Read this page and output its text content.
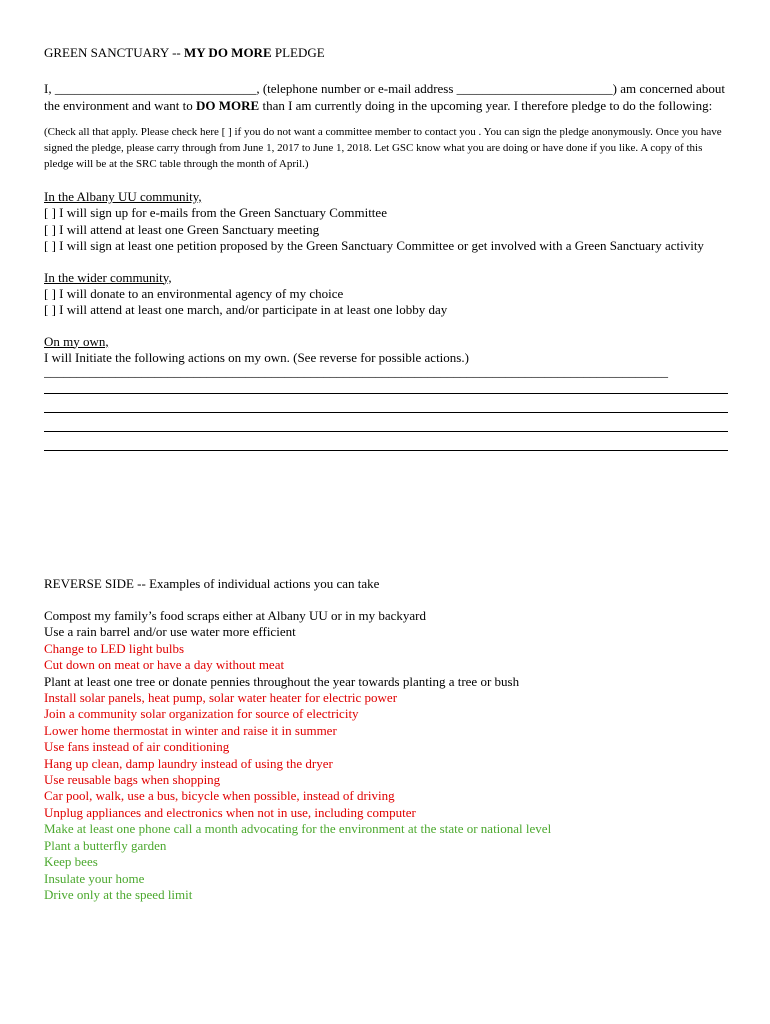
GREEN SANCTUARY -- MY DO MORE PLEDGE

I, _______________________________, (telephone number or e-mail address ________________________) am concerned about the environment and want to DO MORE than I am currently doing in the upcoming year. I therefore pledge to do the following:

(Check all that apply. Please check here [ ] if you do not want a committee member to contact you . You can sign the pledge anonymously. Once you have signed the pledge, please carry through from June 1, 2017 to June 1, 2018. Let GSC know what you are doing or have done if you like. A copy of this pledge will be at the SRC table through the month of April.)

In the Albany UU community,

[ ] I will sign up for e-mails from the Green Sanctuary Committee

[ ] I will attend at least one Green Sanctuary meeting

[ ] I will sign at least one petition proposed by the Green Sanctuary Committee or get involved with a Green Sanctuary activity

In the wider community,

[ ] I will donate to an environmental agency of my choice

[ ] I will attend at least one march, and/or participate in at least one lobby day

On my own,

I will Initiate the following actions on my own. (See reverse for possible actions.)

________________________________________________________________________________________________

REVERSE SIDE -- Examples of individual actions you can take

Compost my family’s food scraps either at Albany UU or in my backyard

Use a rain barrel and/or use water more efficient

Change to LED light bulbs

Cut down on meat or have a day without meat

Plant at least one tree or donate pennies throughout the year towards planting a tree or bush

Install solar panels, heat pump, solar water heater for electric power

Join a community solar organization for source of electricity

Lower home thermostat in winter and raise it in summer

Use fans instead of air conditioning

Hang up clean, damp laundry instead of using the dryer

Use reusable bags when shopping

Car pool, walk, use a bus, bicycle when possible, instead of driving

Unplug appliances and electronics when not in use, including computer

Make at least one phone call a month advocating for the environment at the state or national level

Plant a butterfly garden

Keep bees

Insulate your home

Drive only at the speed limit
